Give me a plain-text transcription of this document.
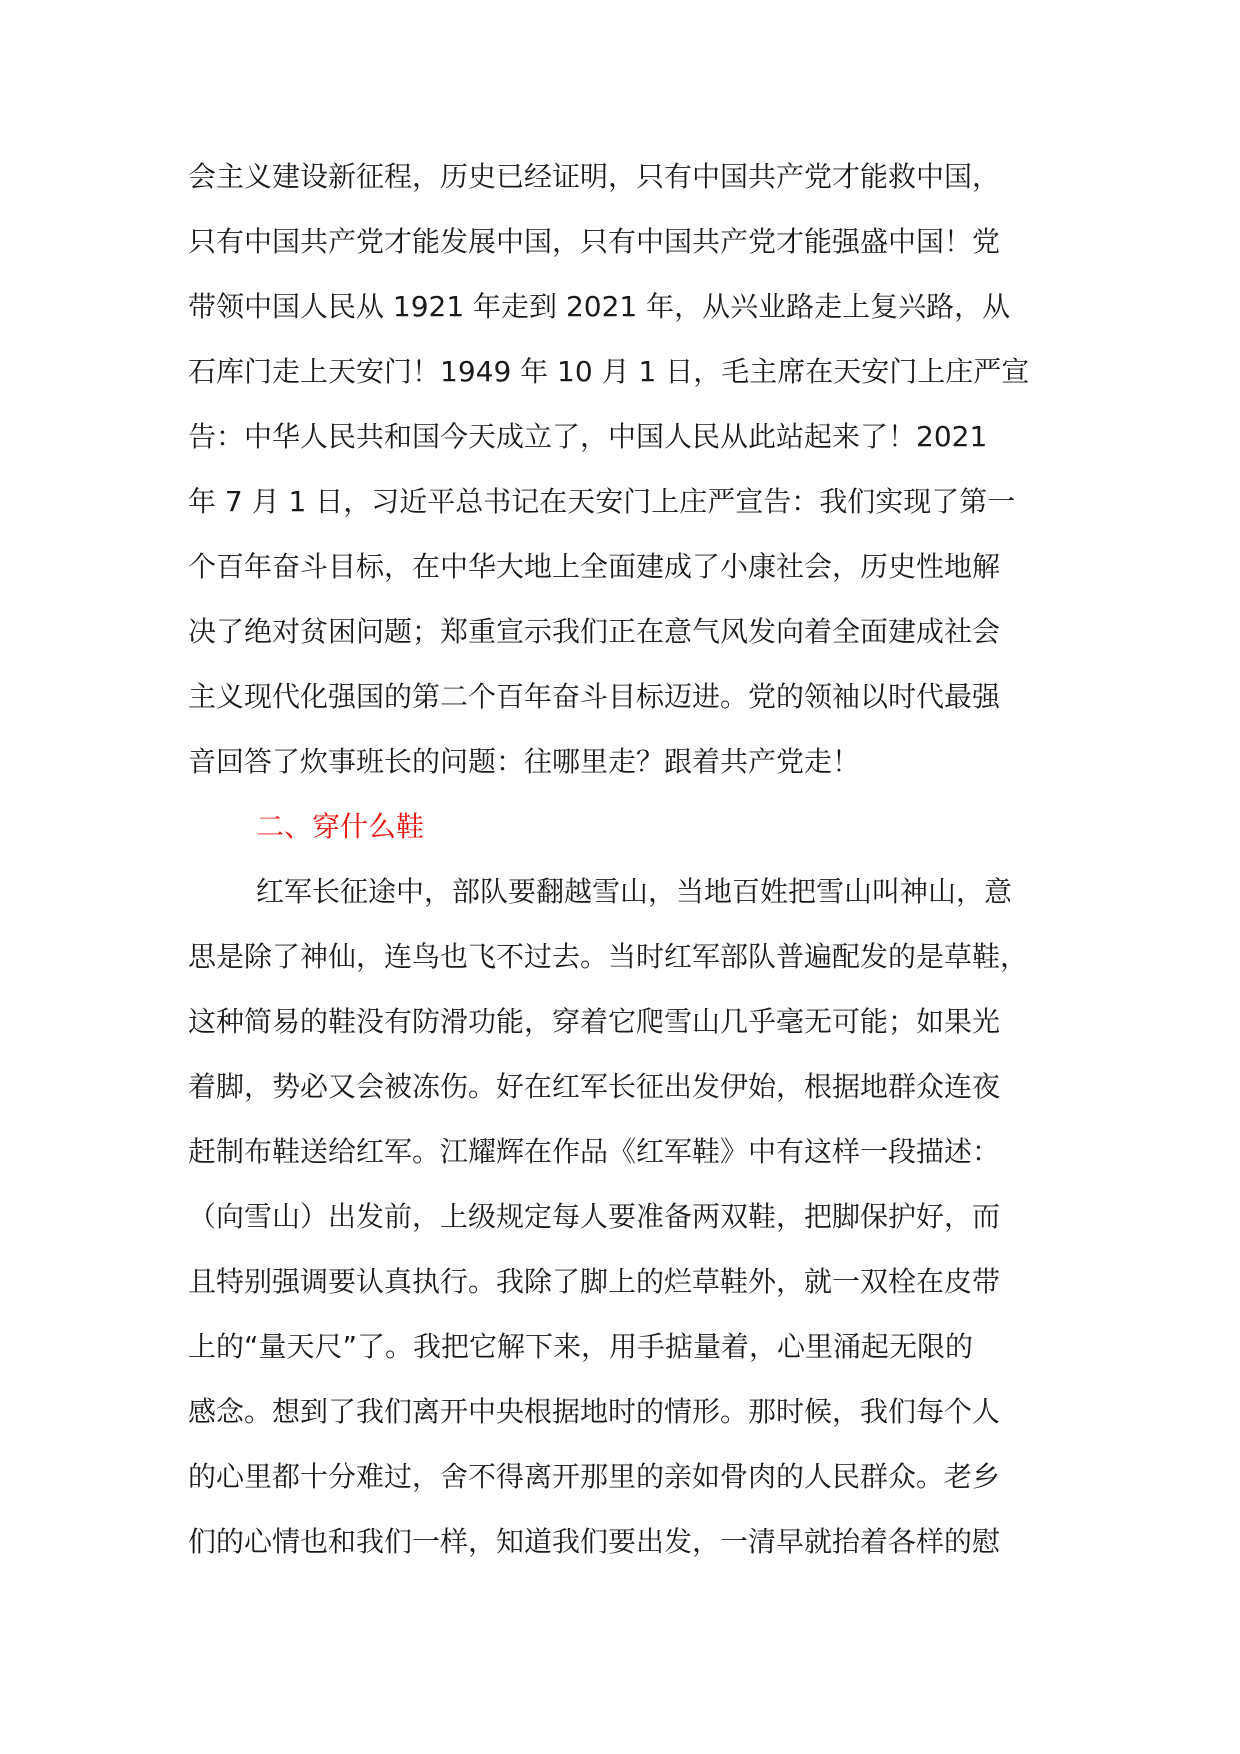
会主义建设新征程，历史已经证明，只有中国共产党才能救中国，
只有中国共产党才能发展中国，只有中国共产党才能强盛中国！党
带领中国人民从 1921 年走到 2021 年，从兴业路走上复兴路，从
石库门走上天安门！1949 年 10 月 1 日，毛主席在天安门上庄严宣
告：中华人民共和国今天成立了，中国人民从此站起来了！2021
年 7 月 1 日，习近平总书记在天安门上庄严宣告：我们实现了第一
个百年奋斗目标，在中华大地上全面建成了小康社会，历史性地解
决了绝对贫困问题；郑重宣示我们正在意气风发向着全面建成社会
主义现代化强国的第二个百年奋斗目标迈进。党的领袖以时代最强
音回答了炊事班长的问题：往哪里走？跟着共产党走！
二、穿什么鞋
红军长征途中，部队要翻越雪山，当地百姓把雪山叫神山，意
思是除了神仙，连鸟也飞不过去。当时红军部队普遍配发的是草鞋，
这种简易的鞋没有防滑功能，穿着它爬雪山几乎毫无可能；如果光
着脚，势必又会被冻伤。好在红军长征出发伊始，根据地群众连夜
赶制布鞋送给红军。江耀辉在作品《红军鞋》中有这样一段描述：
（向雪山）出发前，上级规定每人要准备两双鞋，把脚保护好，而
且特别强调要认真执行。我除了脚上的烂草鞋外，就一双栓在皮带
上的“量天尺”了。我把它解下来，用手掂量着，心里涌起无限的
感念。想到了我们离开中央根据地时的情形。那时候，我们每个人
的心里都十分难过，舍不得离开那里的亲如骨肉的人民群众。老乡
们的心情也和我们一样，知道我们要出发，一清早就抬着各样的慰
